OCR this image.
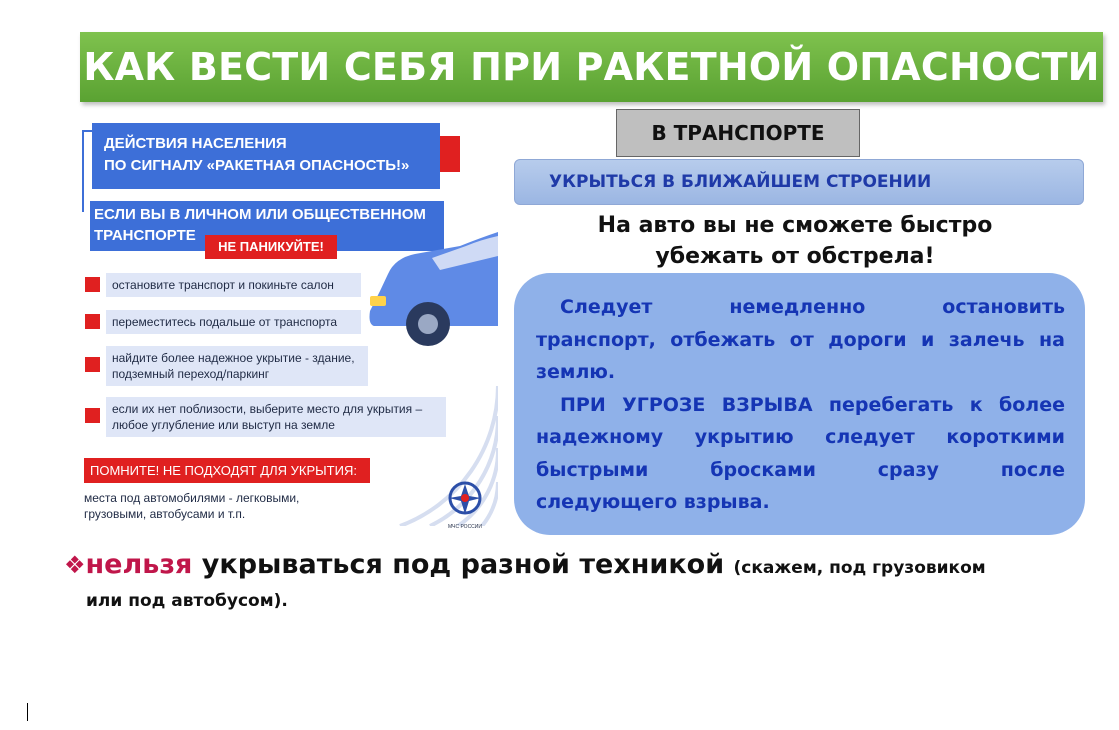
КАК ВЕСТИ СЕБЯ ПРИ РАКЕТНОЙ ОПАСНОСТИ
ДЕЙСТВИЯ НАСЕЛЕНИЯ
ПО СИГНАЛУ «РАКЕТНАЯ ОПАСНОСТЬ!»
ЕСЛИ ВЫ В ЛИЧНОМ ИЛИ ОБЩЕСТВЕННОМ
ТРАНСПОРТЕ
НЕ ПАНИКУЙТЕ!
остановите транспорт и покиньте салон
переместитесь подальше от транспорта
найдите более надежное укрытие - здание,
подземный переход/паркинг
если их нет поблизости, выберите место для укрытия –
любое углубление или выступ на земле
ПОМНИТЕ! НЕ ПОДХОДЯТ ДЛЯ УКРЫТИЯ:
места под автомобилями - легковыми,
грузовыми, автобусами и т.п.
МЧС РОССИИ
В ТРАНСПОРТЕ
УКРЫТЬСЯ В БЛИЖАЙШЕМ СТРОЕНИИ
На авто вы не сможете быстро
убежать от обстрела!
Следует немедленно остановить
транспорт, отбежать от дороги и залечь на
землю.
ПРИ УГРОЗЕ ВЗРЫВА перебегать к более
надежному укрытию следует короткими
быстрыми бросками сразу после
следующего взрыва.
❖нельзя укрываться под разной техникой (скажем, под грузовиком
или под автобусом).
